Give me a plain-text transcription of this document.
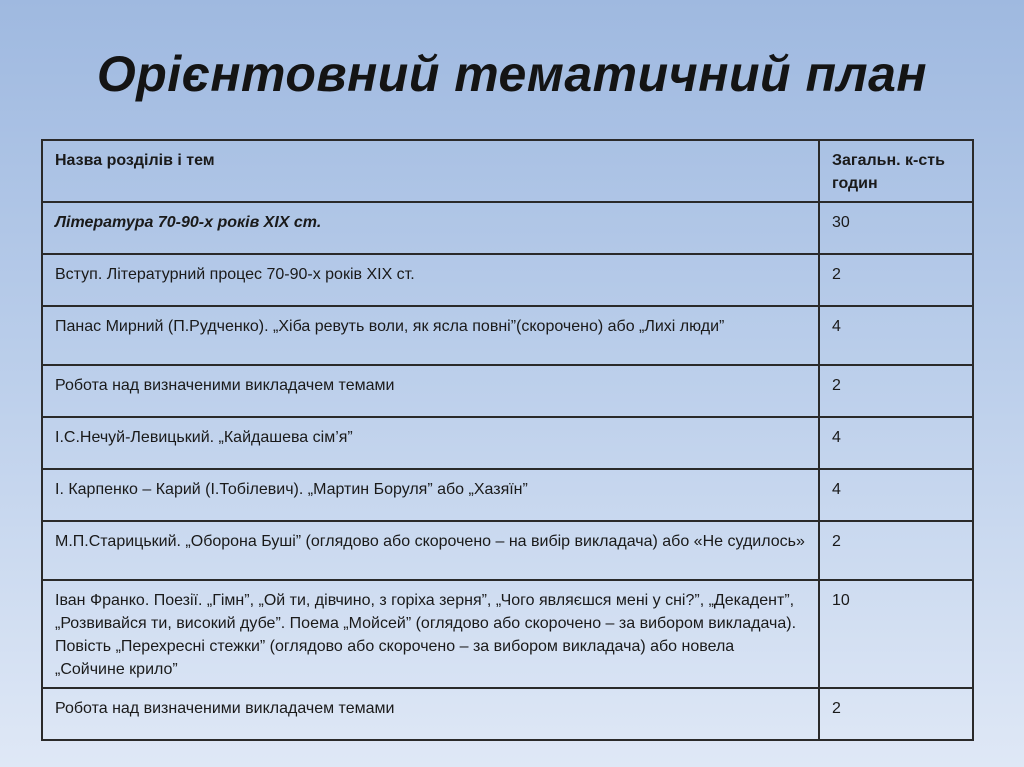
Орієнтовний тематичний план
Назва розділів і тем	Загальн. к-сть годин
Література 70-90-х років XIX ст.	30
Вступ. Літературний процес 70-90-х років XIX ст.	2
Панас Мирний (П.Рудченко). „Хіба ревуть воли, як ясла повні”(скорочено) або „Лихі люди”	4
Робота над визначеними викладачем темами	2
І.С.Нечуй-Левицький. „Кайдашева сім’я”	4
І. Карпенко – Карий (І.Тобілевич). „Мартин Боруля” або „Хазяїн”	4
М.П.Старицький. „Оборона Буші” (оглядово або скорочено – на вибір викладача) або «Не судилось»	2
Іван Франко. Поезії. „Гімн”, „Ой ти, дівчино, з горіха зерня”, „Чого являєшся мені у сні?”, „Декадент”, „Розвивайся ти, високий дубе”. Поема „Мойсей” (оглядово або скорочено – за вибором викладача). Повість „Перехресні стежки” (оглядово або скорочено – за вибором викладача) або новела „Сойчине крило”	10
Робота над визначеними викладачем темами	2
